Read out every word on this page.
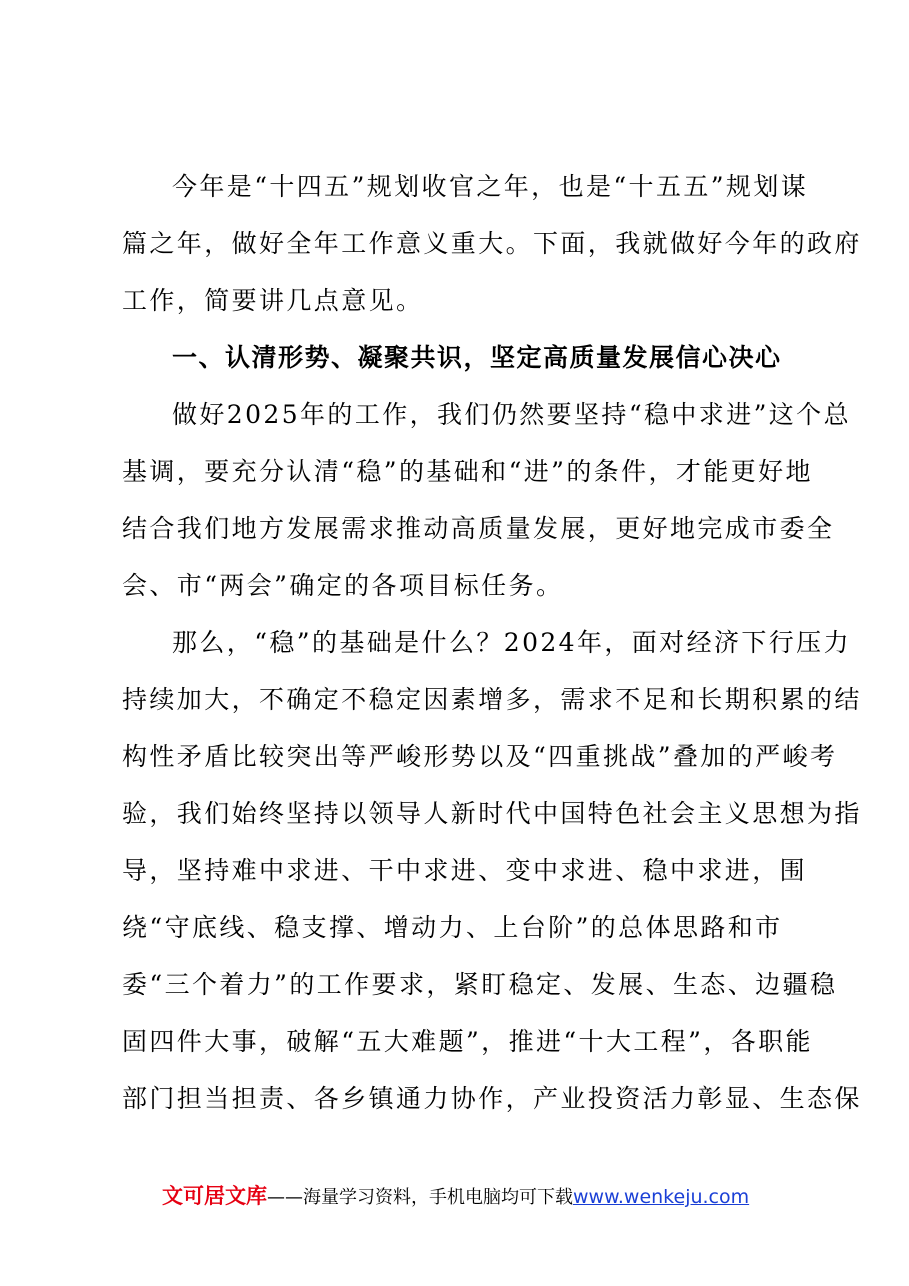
今年是“十四五”规划收官之年，也是“十五五”规划谋
篇之年，做好全年工作意义重大。下面，我就做好今年的政府
工作，简要讲几点意见。
一、认清形势、凝聚共识，坚定高质量发展信心决心
做好2025年的工作，我们仍然要坚持“稳中求进”这个总
基调，要充分认清“稳”的基础和“进”的条件，才能更好地
结合我们地方发展需求推动高质量发展，更好地完成市委全
会、市“两会”确定的各项目标任务。
那么，“稳”的基础是什么？2024年，面对经济下行压力
持续加大，不确定不稳定因素增多，需求不足和长期积累的结
构性矛盾比较突出等严峻形势以及“四重挑战”叠加的严峻考
验，我们始终坚持以领导人新时代中国特色社会主义思想为指
导，坚持难中求进、干中求进、变中求进、稳中求进，围
绕“守底线、稳支撑、增动力、上台阶”的总体思路和市
委“三个着力”的工作要求，紧盯稳定、发展、生态、边疆稳
固四件大事，破解“五大难题”，推进“十大工程”，各职能
部门担当担责、各乡镇通力协作，产业投资活力彰显、生态保
文可居文库——海量学习资料，手机电脑均可下载www.wenkeju.com
